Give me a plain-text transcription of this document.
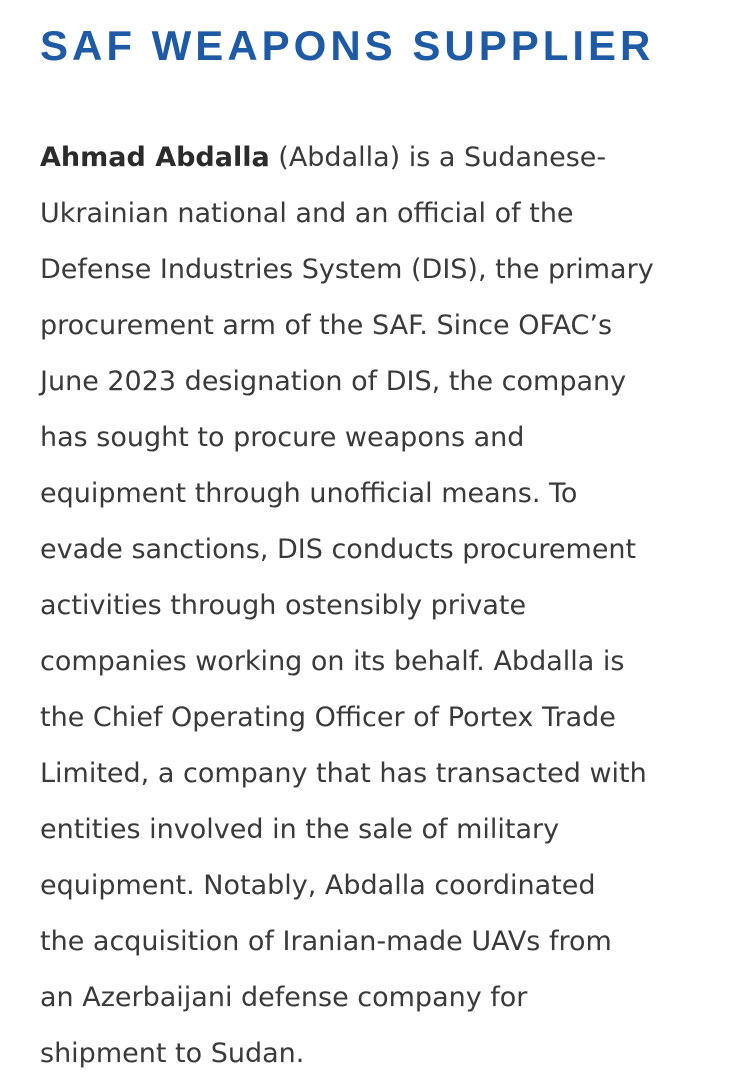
SAF WEAPONS SUPPLIER

Ahmad Abdalla (Abdalla) is a Sudanese-
Ukrainian national and an official of the
Defense Industries System (DIS), the primary
procurement arm of the SAF. Since OFAC’s
June 2023 designation of DIS, the company
has sought to procure weapons and
equipment through unofficial means. To
evade sanctions, DIS conducts procurement
activities through ostensibly private
companies working on its behalf. Abdalla is
the Chief Operating Officer of Portex Trade
Limited, a company that has transacted with
entities involved in the sale of military
equipment. Notably, Abdalla coordinated
the acquisition of Iranian-made UAVs from
an Azerbaijani defense company for
shipment to Sudan.
